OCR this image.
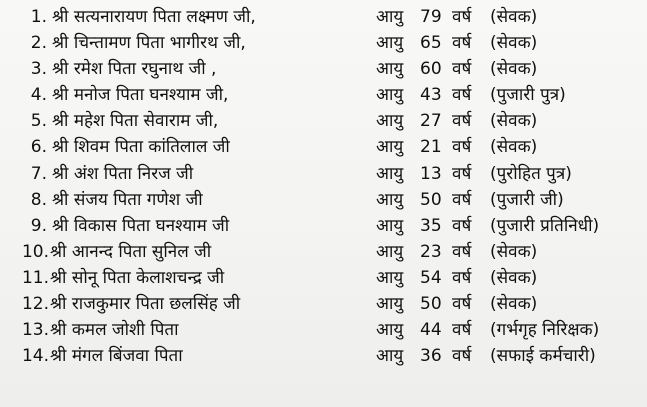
1. श्री सत्यनारायण पिता लक्ष्मण जी,	आयु 79 वर्ष (सेवक)
2. श्री चिन्तामण पिता भागीरथ जी,	आयु 65 वर्ष (सेवक)
3. श्री रमेश पिता रघुनाथ जी ,	आयु 60 वर्ष (सेवक)
4. श्री मनोज पिता घनश्याम जी,	आयु 43 वर्ष (पुजारी पुत्र)
5. श्री महेश पिता सेवाराम जी,	आयु 27 वर्ष (सेवक)
6. श्री शिवम पिता कांतिलाल जी	आयु 21 वर्ष (सेवक)
7. श्री अंश पिता निरज जी	आयु 13 वर्ष (पुरोहित पुत्र)
8. श्री संजय पिता गणेश जी	आयु 50 वर्ष (पुजारी जी)
9. श्री विकास पिता घनश्याम जी	आयु 35 वर्ष (पुजारी प्रतिनिधी)
10. श्री आनन्द पिता सुनिल जी	आयु 23 वर्ष (सेवक)
11. श्री सोनू पिता केलाशचन्द्र जी	आयु 54 वर्ष (सेवक)
12. श्री राजकुमार पिता छलसिंह जी	आयु 50 वर्ष (सेवक)
13. श्री कमल जोशी पिता	आयु 44 वर्ष (गर्भगृह निरिक्षक)
14. श्री मंगल बिंजवा पिता	आयु 36 वर्ष (सफाई कर्मचारी)
